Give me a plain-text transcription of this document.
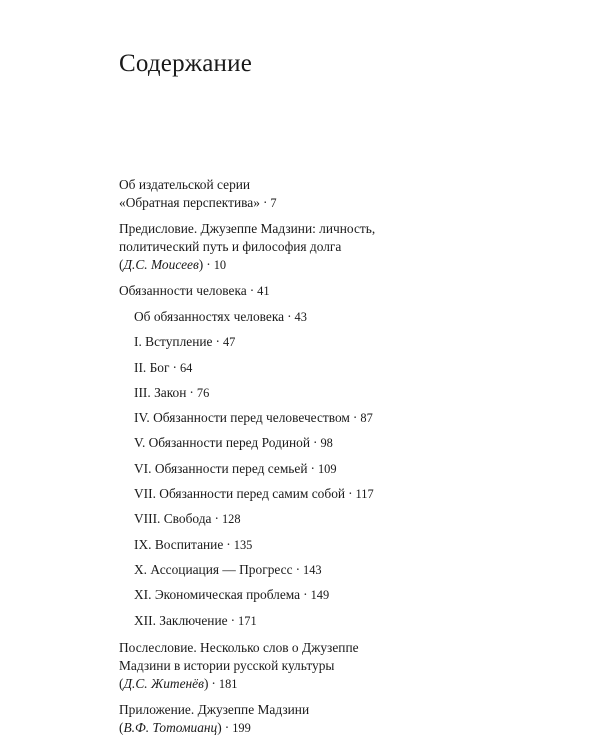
Содержание

Об издательской серии
«Обратная перспектива» · 7

Предисловие. Джузеппе Мадзини: личность,
политический путь и философия долга
(Д.С. Моисеев) · 10

Обязанности человека · 41

Об обязанностях человека · 43

I. Вступление · 47

II. Бог · 64

III. Закон · 76

IV. Обязанности перед человечеством · 87

V. Обязанности перед Родиной · 98

VI. Обязанности перед семьей · 109

VII. Обязанности перед самим собой · 117

VIII. Свобода · 128

IX. Воспитание · 135

X. Ассоциация — Прогресс · 143

XI. Экономическая проблема · 149

XII. Заключение · 171

Послесловие. Несколько слов о Джузеппе
Мадзини в истории русской культуры
(Д.С. Житенёв) · 181

Приложение. Джузеппе Мадзини
(В.Ф. Тотомианц) · 199
